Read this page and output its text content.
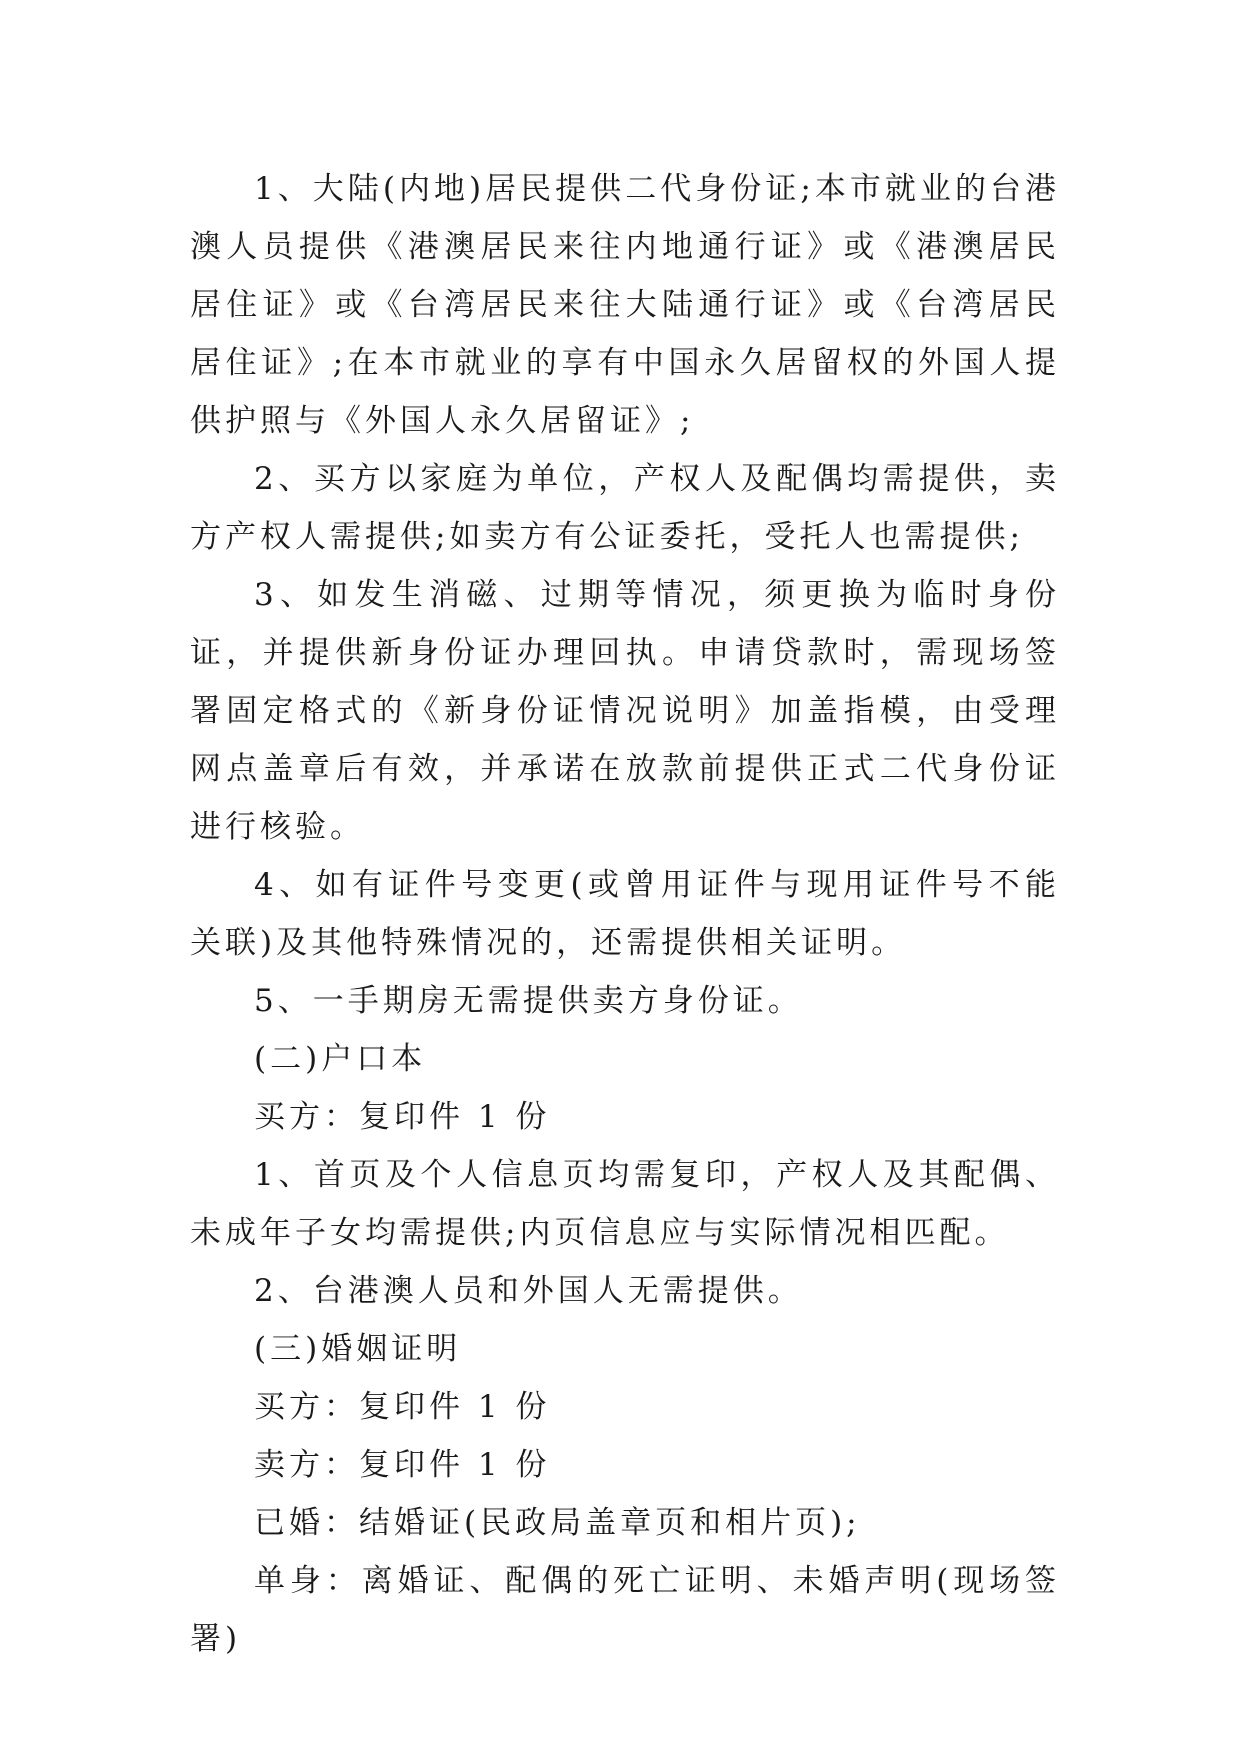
1、大陆(内地)居民提供二代身份证;本市就业的台港澳人员提供《港澳居民来往内地通行证》或《港澳居民居住证》或《台湾居民来往大陆通行证》或《台湾居民居住证》;在本市就业的享有中国永久居留权的外国人提供护照与《外国人永久居留证》;

2、买方以家庭为单位，产权人及配偶均需提供，卖方产权人需提供;如卖方有公证委托，受托人也需提供;

3、如发生消磁、过期等情况，须更换为临时身份证，并提供新身份证办理回执。申请贷款时，需现场签署固定格式的《新身份证情况说明》加盖指模，由受理网点盖章后有效，并承诺在放款前提供正式二代身份证进行核验。

4、如有证件号变更(或曾用证件与现用证件号不能关联)及其他特殊情况的，还需提供相关证明。

5、一手期房无需提供卖方身份证。

(二)户口本

买方：复印件 1 份

1、首页及个人信息页均需复印，产权人及其配偶、未成年子女均需提供;内页信息应与实际情况相匹配。

2、台港澳人员和外国人无需提供。

(三)婚姻证明

买方：复印件 1 份

卖方：复印件 1 份

已婚：结婚证(民政局盖章页和相片页);

单身：离婚证、配偶的死亡证明、未婚声明(现场签署)
